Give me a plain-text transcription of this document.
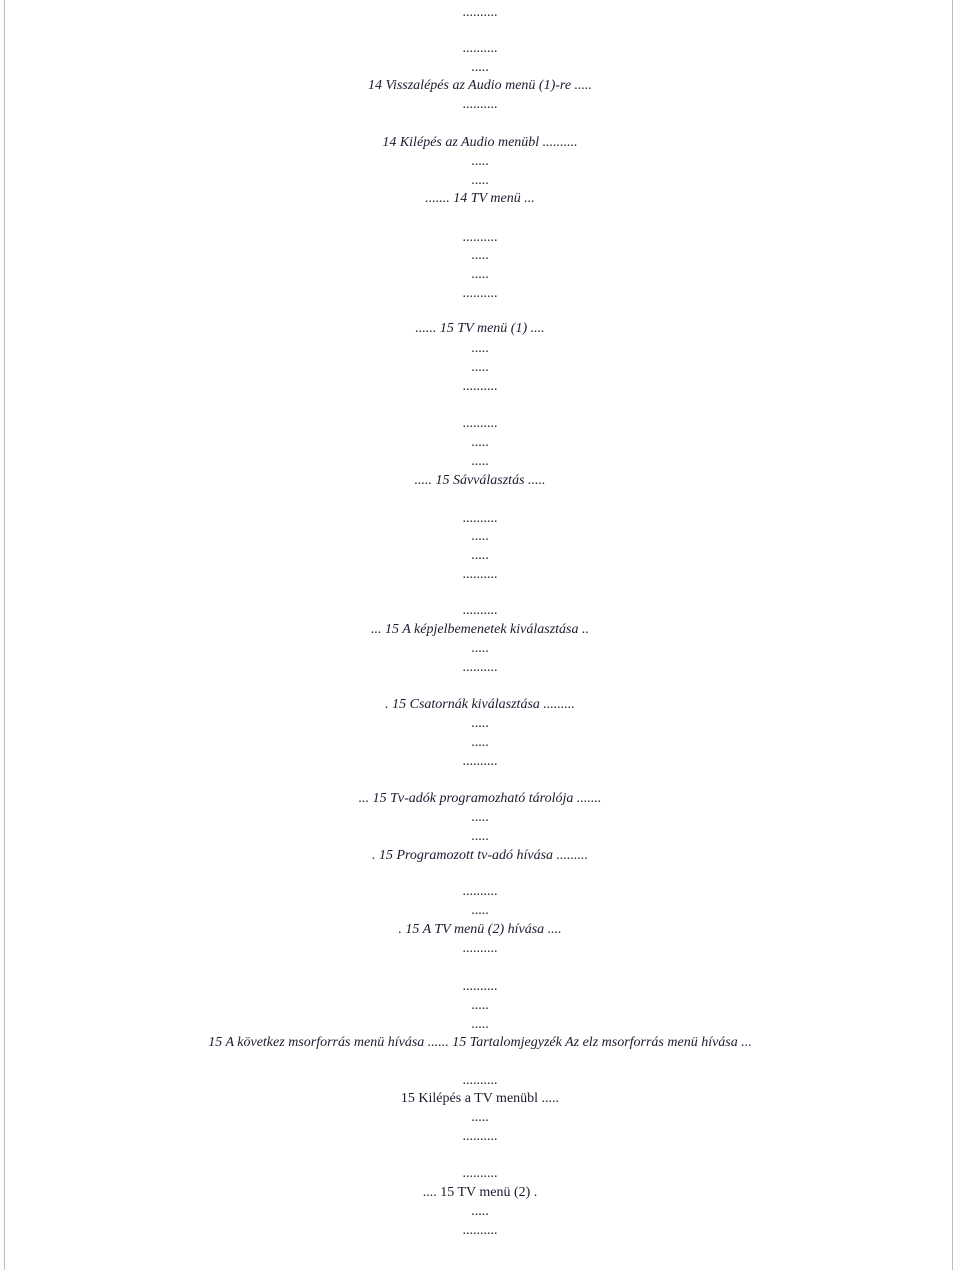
..........
..........
.....
14 Visszalépés az Audio menü (1)-re .....
..........
14 Kilépés az Audio menübl ..........
.....
.....
....... 14 TV menü ...
..........
.....
.....
..........
...... 15 TV menü (1) ....
.....
.....
..........
..........
.....
.....
..... 15 Sávválasztás .....
..........
.....
.....
..........
..........
... 15 A képjelbemenetek kiválasztása ..
.....
..........
. 15 Csatornák kiválasztása .........
.....
.....
..........
... 15 Tv-adók programozható tárolója .......
.....
.....
. 15 Programozott tv-adó hívása .........
..........
.....
. 15 A TV menü (2) hívása ....
..........
..........
.....
.....
15 A következ msorforrás menü hívása ...... 15 Tartalomjegyzék Az elz msorforrás menü hívása ...
..........
15 Kilépés a TV menübl .....
.....
..........
..........
.... 15 TV menü (2) .
.....
..........
